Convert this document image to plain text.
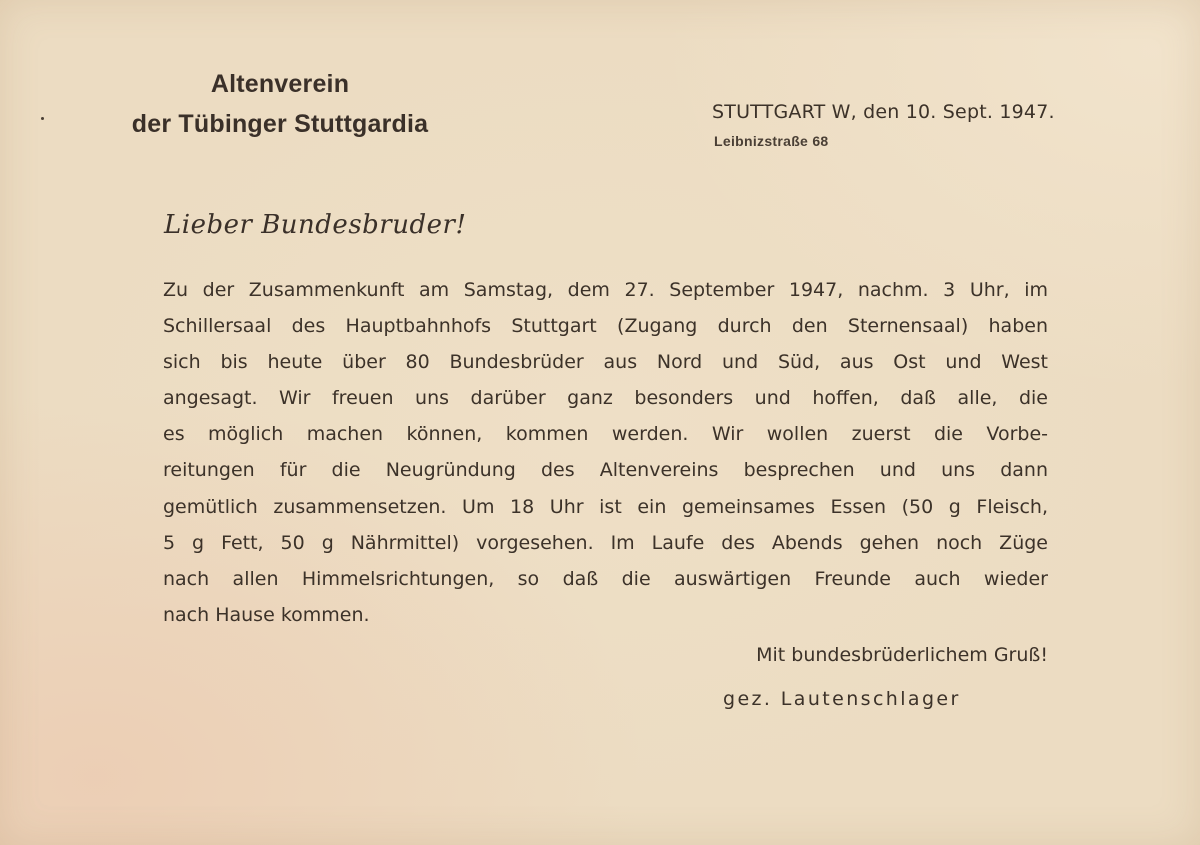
Altenverein
der Tübinger Stuttgardia	STUTTGART W, den 10. Sept. 1947.
Leibnizstraße 68
Lieber Bundesbruder!
Zu der Zusammenkunft am Samstag, dem 27. September 1947, nachm. 3 Uhr, im
Schillersaal des Hauptbahnhofs Stuttgart (Zugang durch den Sternensaal) haben
sich bis heute über 80 Bundesbrüder aus Nord und Süd, aus Ost und West
angesagt. Wir freuen uns darüber ganz besonders und hoffen, daß alle, die
es möglich machen können, kommen werden. Wir wollen zuerst die Vorbe-
reitungen für die Neugründung des Altenvereins besprechen und uns dann
gemütlich zusammensetzen. Um 18 Uhr ist ein gemeinsames Essen (50 g Fleisch,
5 g Fett, 50 g Nährmittel) vorgesehen. Im Laufe des Abends gehen noch Züge
nach allen Himmelsrichtungen, so daß die auswärtigen Freunde auch wieder
nach Hause kommen.
Mit bundesbrüderlichem Gruß!
gez. Lautenschlager
